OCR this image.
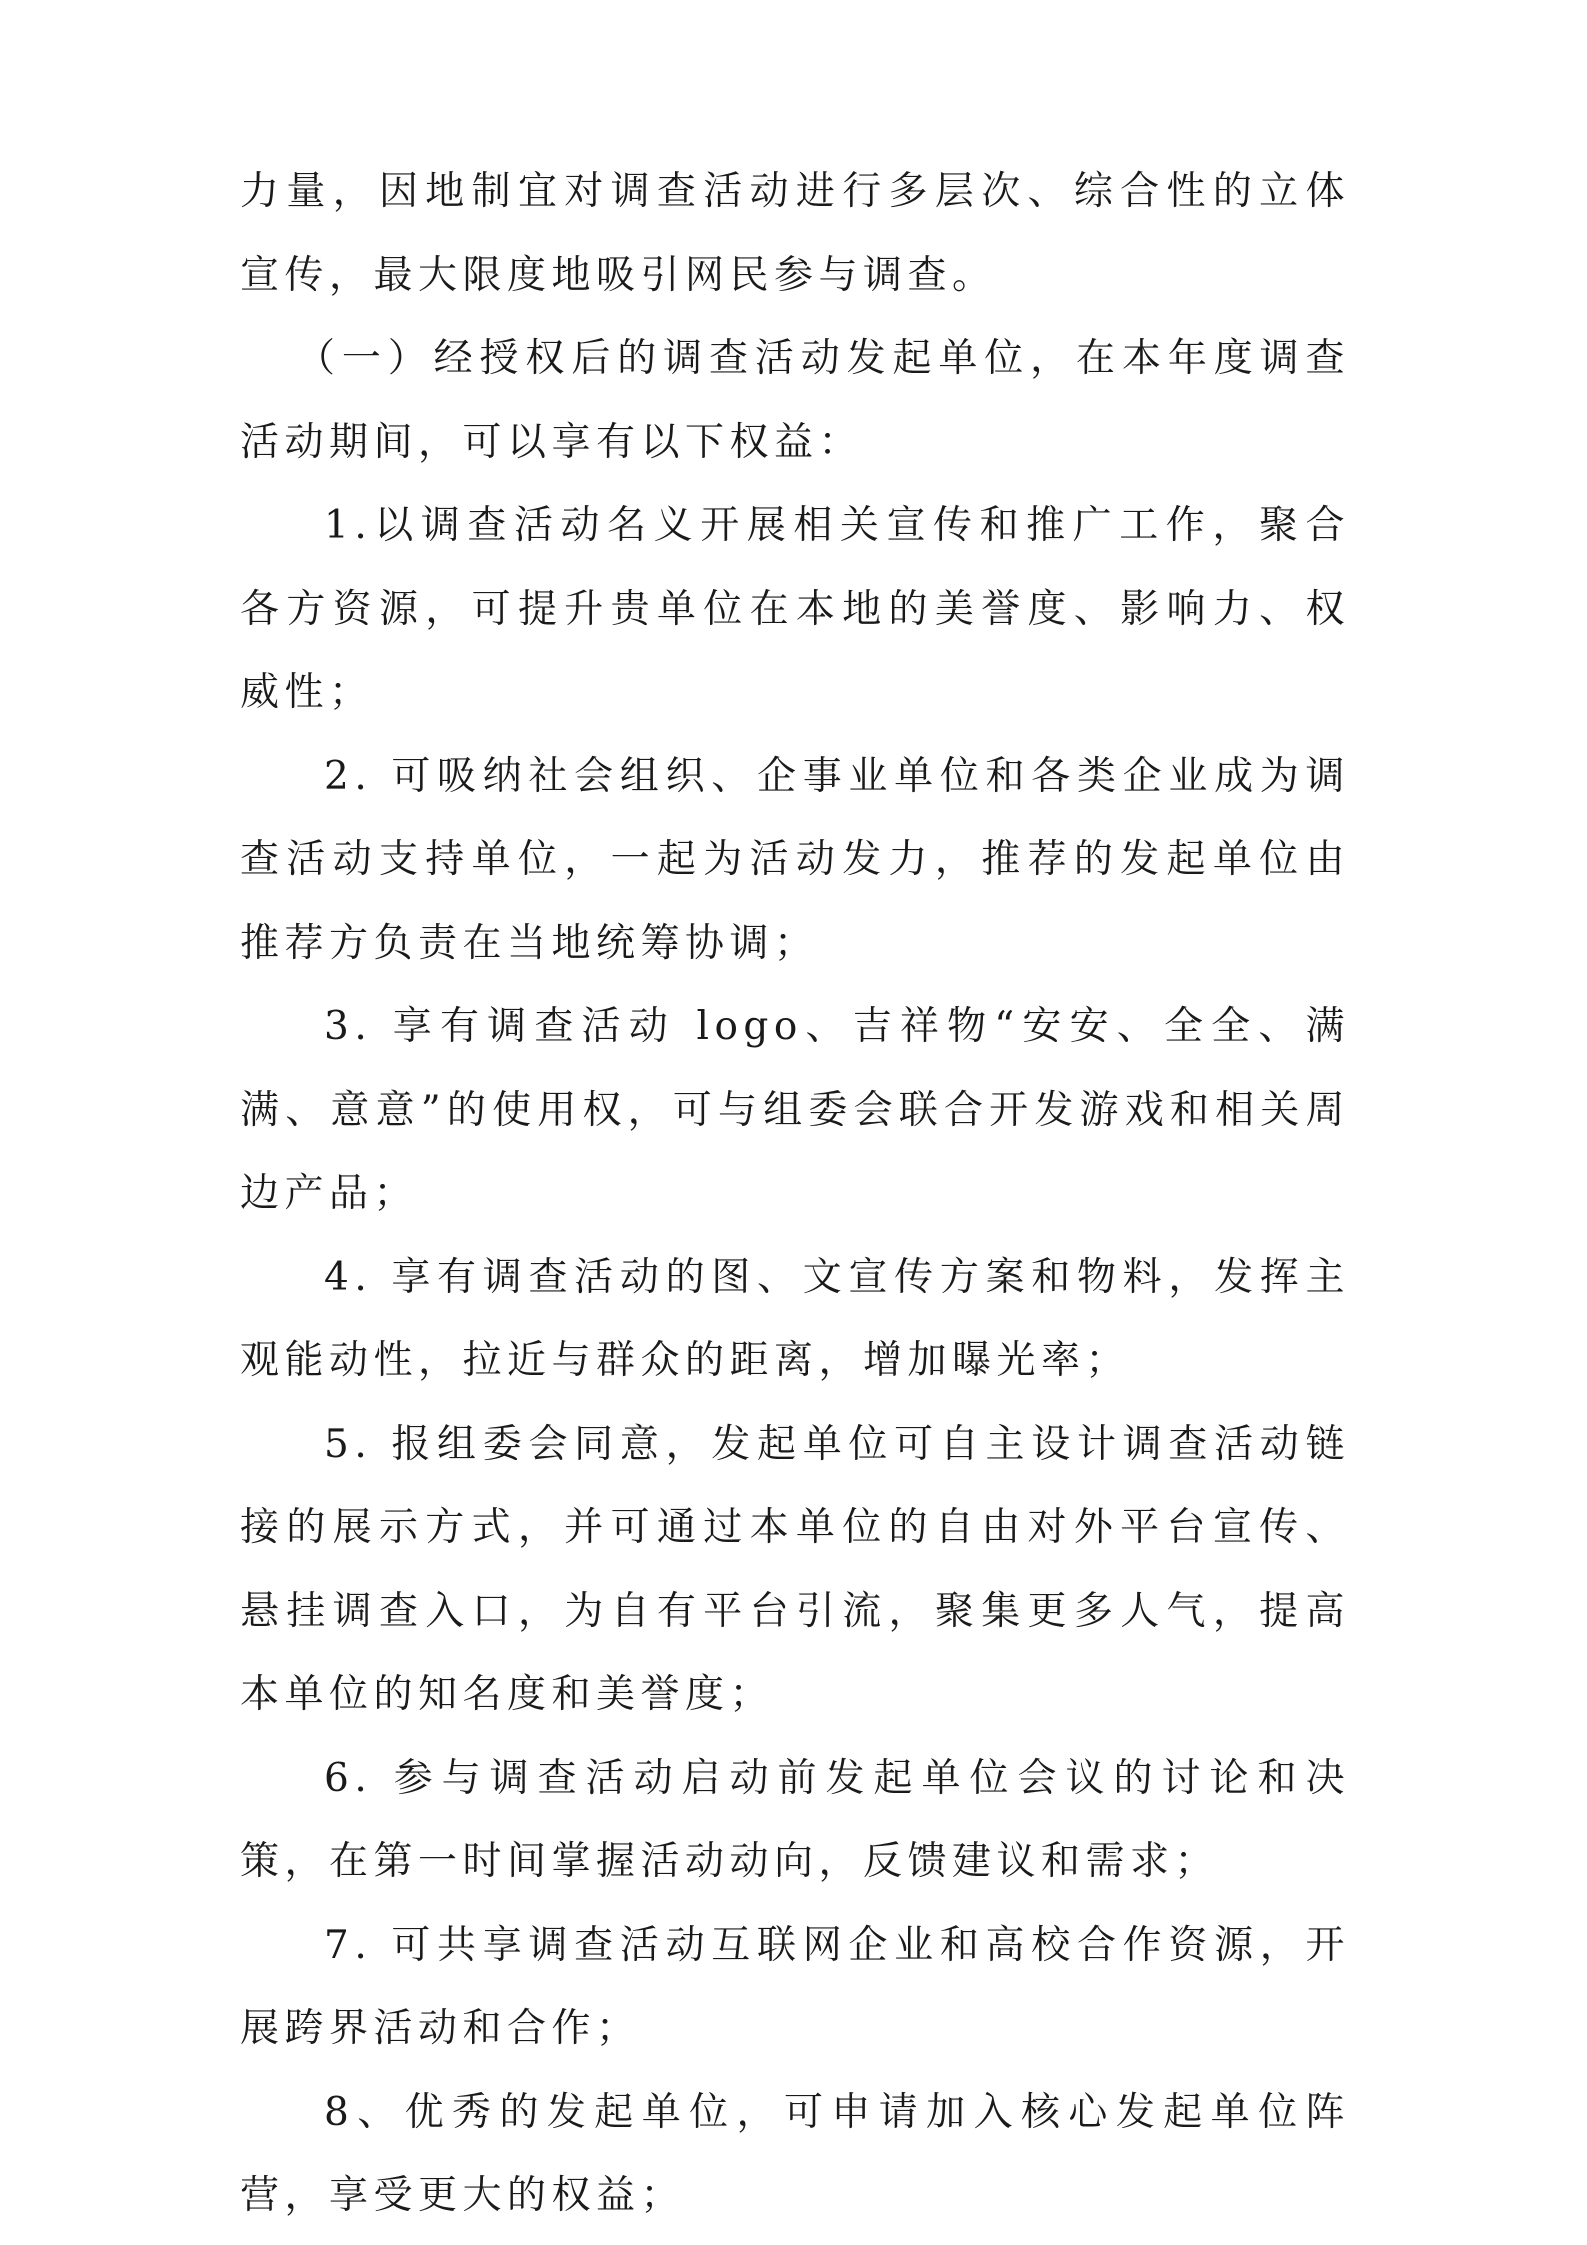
力量，因地制宜对调查活动进行多层次、综合性的立体宣传，最大限度地吸引网民参与调查。

（一）经授权后的调查活动发起单位，在本年度调查活动期间，可以享有以下权益：

1.以调查活动名义开展相关宣传和推广工作，聚合各方资源，可提升贵单位在本地的美誉度、影响力、权威性；

2. 可吸纳社会组织、企事业单位和各类企业成为调查活动支持单位，一起为活动发力，推荐的发起单位由推荐方负责在当地统筹协调；

3. 享有调查活动 logo、吉祥物“安安、全全、满满、意意”的使用权，可与组委会联合开发游戏和相关周边产品；

4. 享有调查活动的图、文宣传方案和物料，发挥主观能动性，拉近与群众的距离，增加曝光率；

5. 报组委会同意，发起单位可自主设计调查活动链接的展示方式，并可通过本单位的自由对外平台宣传、悬挂调查入口，为自有平台引流，聚集更多人气，提高本单位的知名度和美誉度；

6. 参与调查活动启动前发起单位会议的讨论和决策，在第一时间掌握活动动向，反馈建议和需求；

7. 可共享调查活动互联网企业和高校合作资源，开展跨界活动和合作；

8、优秀的发起单位，可申请加入核心发起单位阵营，享受更大的权益；
